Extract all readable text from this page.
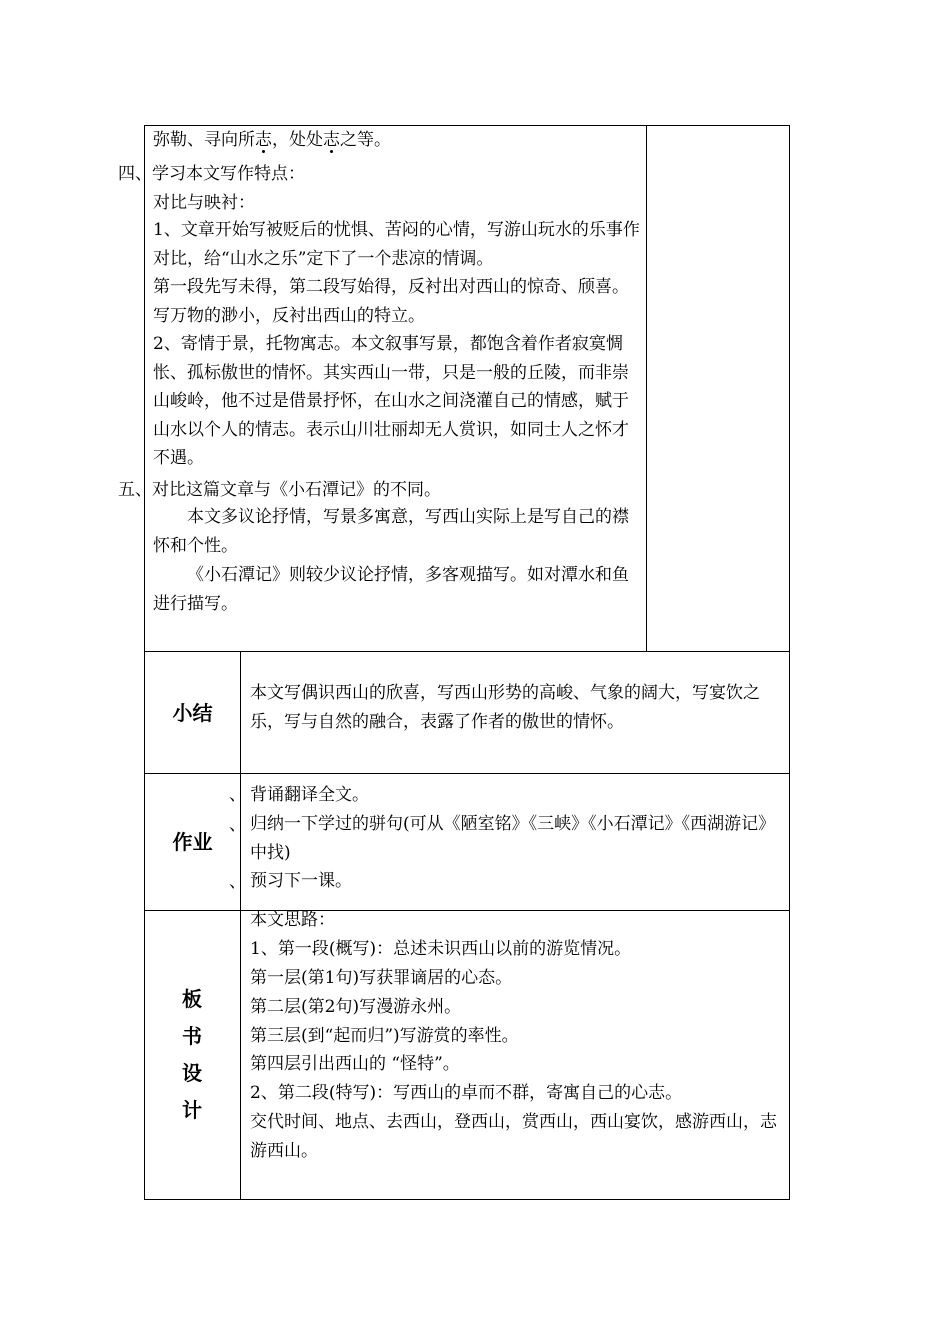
弥勒、寻向所志，处处志之等。
四、学习本文写作特点：
对比与映衬：
1、文章开始写被贬后的忧惧、苦闷的心情，写游山玩水的乐事作对比，给“山水之乐”定下了一个悲凉的情调。
第一段先写未得，第二段写始得，反衬出对西山的惊奇、颀喜。写万物的渺小，反衬出西山的特立。
2、寄情于景，托物寓志。本文叙事写景，都饱含着作者寂寞惆怅、孤标傲世的情怀。其实西山一带，只是一般的丘陵，而非崇山峻岭，他不过是借景抒怀，在山水之间浇灌自己的情感，赋于山水以个人的情志。表示山川壮丽却无人赏识，如同士人之怀才不遇。
五、对比这篇文章与《小石潭记》的不同。
本文多议论抒情，写景多寓意，写西山实际上是写自己的襟怀和个性。
《小石潭记》则较少议论抒情，多客观描写。如对潭水和鱼进行描写。
小结
本文写偶识西山的欣喜，写西山形势的高峻、气象的阔大，写宴饮之乐，写与自然的融合，表露了作者的傲世的情怀。
作业
、
、
、
背诵翻译全文。
归纳一下学过的骈句(可从《陋室铭》《三峡》《小石潭记》《西湖游记》中找)
预习下一课。
板
书
设
计
本文思路：
1、第一段(概写)：总述未识西山以前的游览情况。
第一层(第1句)写获罪谪居的心态。
第二层(第2句)写漫游永州。
第三层(到“起而归”)写游赏的率性。
第四层引出西山的 “怪特”。
2、第二段(特写)：写西山的卓而不群，寄寓自己的心志。
交代时间、地点、去西山，登西山，赏西山，西山宴饮，感游西山，志游西山。
